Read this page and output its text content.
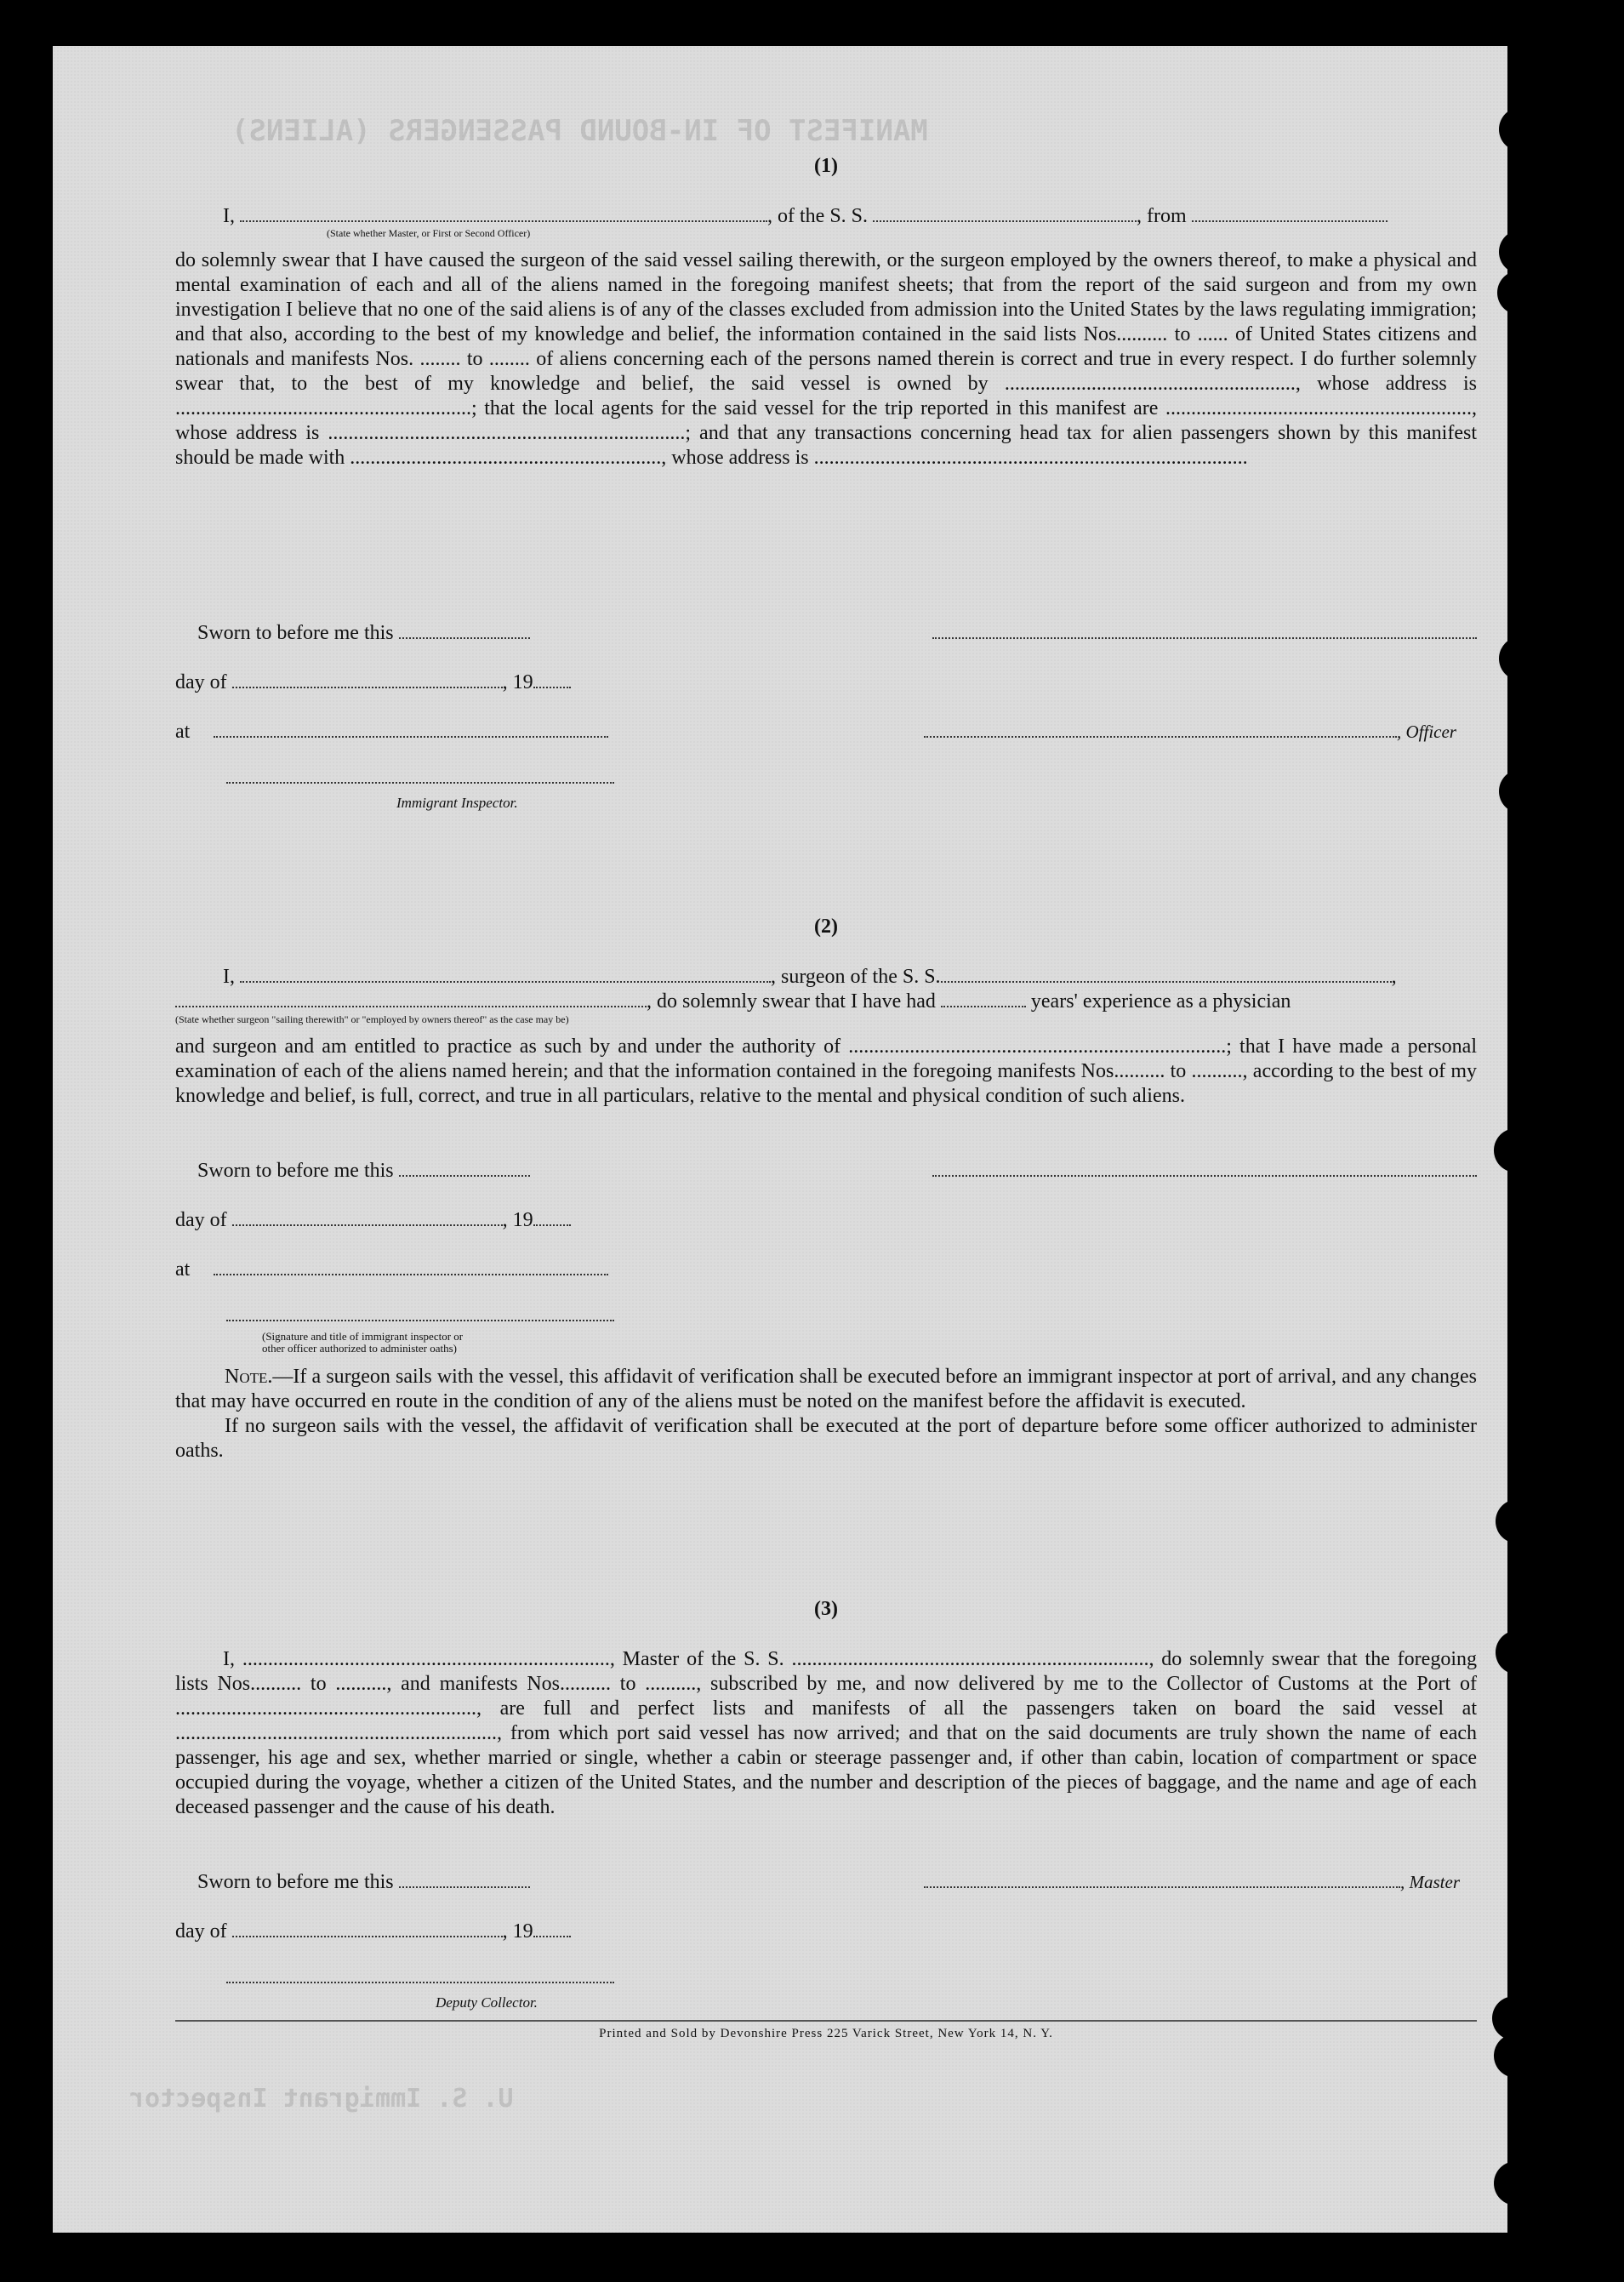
MANIFEST OF IN-BOUND PASSENGERS (ALIENS)
U. S. Immigrant Inspector
(1)
I,	, of the S. S.	, from
(State whether Master, or First or Second Officer)

do solemnly swear that I have caused the surgeon of the said vessel sailing therewith, or the surgeon employed by the owners thereof, to make a physical and mental examination of each and all of the aliens named in the foregoing manifest sheets; that from the report of the said surgeon and from my own investigation I believe that no one of the said aliens is of any of the classes excluded from admission into the United States by the laws regulating immigration; and that also, according to the best of my knowledge and belief, the information contained in the said lists Nos.......... to ...... of United States citizens and nationals and manifests Nos. ........ to ........ of aliens concerning each of the persons named therein is correct and true in every respect. I do further solemnly swear that, to the best of my knowledge and belief, the said vessel is owned by ........................................................., whose address is ..........................................................; that the local agents for the said vessel for the trip reported in this manifest are ............................................................, whose address is ......................................................................; and that any transactions concerning head tax for alien passengers shown by this manifest should be made with ............................................................., whose address is .....................................................................................

Sworn to before me this
day of	, 19
at	, Officer
Immigrant Inspector.
(2)
I,	, surgeon of the S. S.	,
, do solemnly swear that I have had	years' experience as a physician
(State whether surgeon "sailing therewith" or "employed by owners thereof" as the case may be)

and surgeon and am entitled to practice as such by and under the authority of ..........................................................................; that I have made a personal examination of each of the aliens named herein; and that the information contained in the foregoing manifests Nos.......... to .........., according to the best of my knowledge and belief, is full, correct, and true in all particulars, relative to the mental and physical condition of such aliens.

Sworn to before me this
day of	, 19
at
(Signature and title of immigrant inspector or
other officer authorized to administer oaths)

Note.—If a surgeon sails with the vessel, this affidavit of verification shall be executed before an immigrant inspector at port of arrival, and any changes that may have occurred en route in the condition of any of the aliens must be noted on the manifest before the affidavit is executed.

If no surgeon sails with the vessel, the affidavit of verification shall be executed at the port of departure before some officer authorized to administer oaths.

(3)

I, ........................................................................, Master of the S. S. ......................................................................, do solemnly swear that the foregoing lists Nos.......... to .........., and manifests Nos.......... to .........., subscribed by me, and now delivered by me to the Collector of Customs at the Port of ..........................................................., are full and perfect lists and manifests of all the passengers taken on board the said vessel at ..............................................................., from which port said vessel has now arrived; and that on the said documents are truly shown the name of each passenger, his age and sex, whether married or single, whether a cabin or steerage passenger and, if other than cabin, location of compartment or space occupied during the voyage, whether a citizen of the United States, and the number and description of the pieces of baggage, and the name and age of each deceased passenger and the cause of his death.

Sworn to before me this	, Master
day of	, 19
Deputy Collector.
Printed and Sold by Devonshire Press 225 Varick Street, New York 14, N. Y.
